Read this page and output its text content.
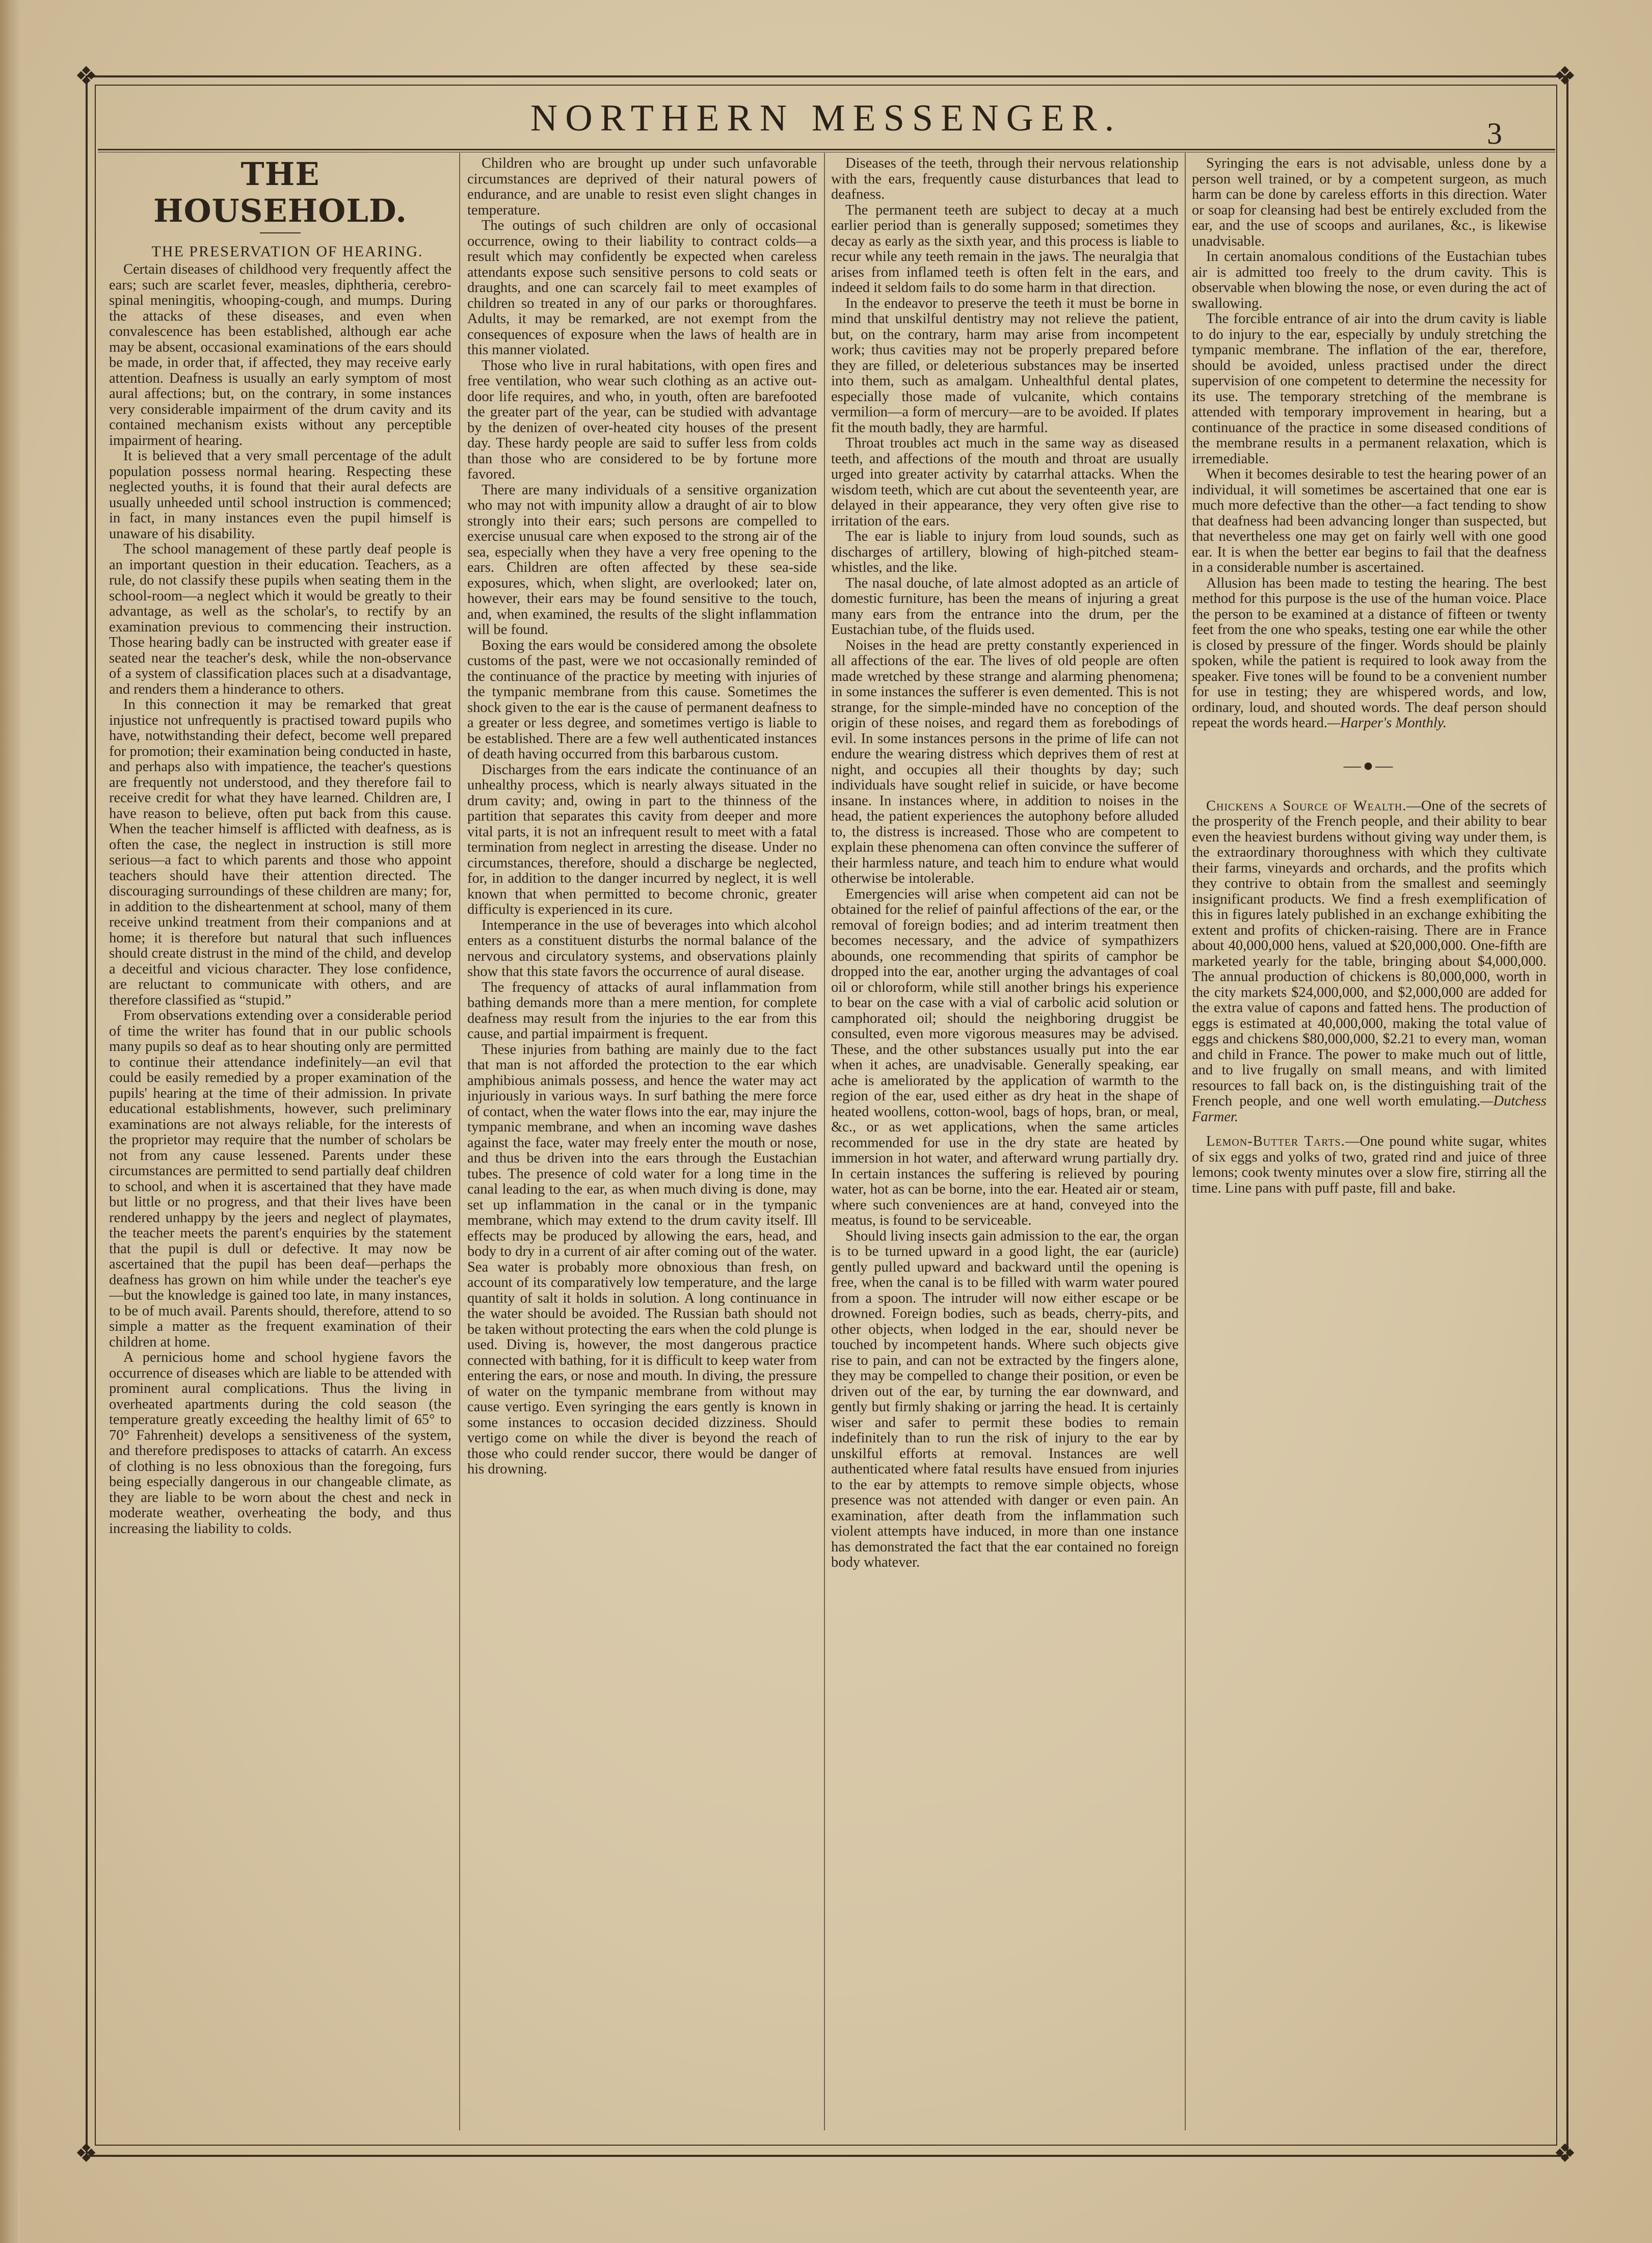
❖	❖
❖	❖
NORTHERN MESSENGER.	3
THE HOUSEHOLD.

THE PRESERVATION OF HEARING.

Certain diseases of childhood very frequently affect the ears; such are scarlet fever, measles, diphtheria, cerebro-spinal meningitis, whooping-cough, and mumps. During the attacks of these diseases, and even when convalescence has been established, although ear ache may be absent, occasional examinations of the ears should be made, in order that, if affected, they may receive early attention. Deafness is usually an early symptom of most aural affections; but, on the contrary, in some instances very considerable impairment of the drum cavity and its contained mechanism exists without any perceptible impairment of hearing.

It is believed that a very small percentage of the adult population possess normal hearing. Respecting these neglected youths, it is found that their aural defects are usually unheeded until school instruction is commenced; in fact, in many instances even the pupil himself is unaware of his disability.

The school management of these partly deaf people is an important question in their education. Teachers, as a rule, do not classify these pupils when seating them in the school-room—a neglect which it would be greatly to their advantage, as well as the scholar's, to rectify by an examination previous to commencing their instruction. Those hearing badly can be instructed with greater ease if seated near the teacher's desk, while the non-observance of a system of classification places such at a disadvantage, and renders them a hinderance to others.

In this connection it may be remarked that great injustice not unfrequently is practised toward pupils who have, notwithstanding their defect, become well prepared for promotion; their examination being conducted in haste, and perhaps also with impatience, the teacher's questions are frequently not understood, and they therefore fail to receive credit for what they have learned. Children are, I have reason to believe, often put back from this cause. When the teacher himself is afflicted with deafness, as is often the case, the neglect in instruction is still more serious—a fact to which parents and those who appoint teachers should have their attention directed. The discouraging surroundings of these children are many; for, in addition to the disheartenment at school, many of them receive unkind treatment from their companions and at home; it is therefore but natural that such influences should create distrust in the mind of the child, and develop a deceitful and vicious character. They lose confidence, are reluctant to communicate with others, and are therefore classified as “stupid.”

From observations extending over a considerable period of time the writer has found that in our public schools many pupils so deaf as to hear shouting only are permitted to continue their attendance indefinitely—an evil that could be easily remedied by a proper examination of the pupils' hearing at the time of their admission. In private educational establishments, however, such preliminary examinations are not always reliable, for the interests of the proprietor may require that the number of scholars be not from any cause lessened. Parents under these circumstances are permitted to send partially deaf children to school, and when it is ascertained that they have made but little or no progress, and that their lives have been rendered unhappy by the jeers and neglect of playmates, the teacher meets the parent's enquiries by the statement that the pupil is dull or defective. It may now be ascertained that the pupil has been deaf—perhaps the deafness has grown on him while under the teacher's eye—but the knowledge is gained too late, in many instances, to be of much avail. Parents should, therefore, attend to so simple a matter as the frequent examination of their children at home.

A pernicious home and school hygiene favors the occurrence of diseases which are liable to be attended with prominent aural complications. Thus the living in overheated apartments during the cold season (the temperature greatly exceeding the healthy limit of 65° to 70° Fahrenheit) develops a sensitiveness of the system, and therefore predisposes to attacks of catarrh. An excess of clothing is no less obnoxious than the foregoing, furs being especially dangerous in our changeable climate, as they are liable to be worn about the chest and neck in moderate weather, overheating the body, and thus increasing the liability to colds.

Children who are brought up under such unfavorable circumstances are deprived of their natural powers of endurance, and are unable to resist even slight changes in temperature.

The outings of such children are only of occasional occurrence, owing to their liability to contract colds—a result which may confidently be expected when careless attendants expose such sensitive persons to cold seats or draughts, and one can scarcely fail to meet examples of children so treated in any of our parks or thoroughfares. Adults, it may be remarked, are not exempt from the consequences of exposure when the laws of health are in this manner violated.

Those who live in rural habitations, with open fires and free ventilation, who wear such clothing as an active out-door life requires, and who, in youth, often are barefooted the greater part of the year, can be studied with advantage by the denizen of over-heated city houses of the present day. These hardy people are said to suffer less from colds than those who are considered to be by fortune more favored.

There are many individuals of a sensitive organization who may not with impunity allow a draught of air to blow strongly into their ears; such persons are compelled to exercise unusual care when exposed to the strong air of the sea, especially when they have a very free opening to the ears. Children are often affected by these sea-side exposures, which, when slight, are overlooked; later on, however, their ears may be found sensitive to the touch, and, when examined, the results of the slight inflammation will be found.

Boxing the ears would be considered among the obsolete customs of the past, were we not occasionally reminded of the continuance of the practice by meeting with injuries of the tympanic membrane from this cause. Sometimes the shock given to the ear is the cause of permanent deafness to a greater or less degree, and sometimes vertigo is liable to be established. There are a few well authenticated instances of death having occurred from this barbarous custom.

Discharges from the ears indicate the continuance of an unhealthy process, which is nearly always situated in the drum cavity; and, owing in part to the thinness of the partition that separates this cavity from deeper and more vital parts, it is not an infrequent result to meet with a fatal termination from neglect in arresting the disease. Under no circumstances, therefore, should a discharge be neglected, for, in addition to the danger incurred by neglect, it is well known that when permitted to become chronic, greater difficulty is experienced in its cure.

Intemperance in the use of beverages into which alcohol enters as a constituent disturbs the normal balance of the nervous and circulatory systems, and observations plainly show that this state favors the occurrence of aural disease.

The frequency of attacks of aural inflammation from bathing demands more than a mere mention, for complete deafness may result from the injuries to the ear from this cause, and partial impairment is frequent.

These injuries from bathing are mainly due to the fact that man is not afforded the protection to the ear which amphibious animals possess, and hence the water may act injuriously in various ways. In surf bathing the mere force of contact, when the water flows into the ear, may injure the tympanic membrane, and when an incoming wave dashes against the face, water may freely enter the mouth or nose, and thus be driven into the ears through the Eustachian tubes. The presence of cold water for a long time in the canal leading to the ear, as when much diving is done, may set up inflammation in the canal or in the tympanic membrane, which may extend to the drum cavity itself. Ill effects may be produced by allowing the ears, head, and body to dry in a current of air after coming out of the water. Sea water is probably more obnoxious than fresh, on account of its comparatively low temperature, and the large quantity of salt it holds in solution. A long continuance in the water should be avoided. The Russian bath should not be taken without protecting the ears when the cold plunge is used. Diving is, however, the most dangerous practice connected with bathing, for it is difficult to keep water from entering the ears, or nose and mouth. In diving, the pressure of water on the tympanic membrane from without may cause vertigo. Even syringing the ears gently is known in some instances to occasion decided dizziness. Should vertigo come on while the diver is beyond the reach of those who could render succor, there would be danger of his drowning.

Diseases of the teeth, through their nervous relationship with the ears, frequently cause disturbances that lead to deafness.

The permanent teeth are subject to decay at a much earlier period than is generally supposed; sometimes they decay as early as the sixth year, and this process is liable to recur while any teeth remain in the jaws. The neuralgia that arises from inflamed teeth is often felt in the ears, and indeed it seldom fails to do some harm in that direction.

In the endeavor to preserve the teeth it must be borne in mind that unskilful dentistry may not relieve the patient, but, on the contrary, harm may arise from incompetent work; thus cavities may not be properly prepared before they are filled, or deleterious substances may be inserted into them, such as amalgam. Unhealthful dental plates, especially those made of vulcanite, which contains vermilion—a form of mercury—are to be avoided. If plates fit the mouth badly, they are harmful.

Throat troubles act much in the same way as diseased teeth, and affections of the mouth and throat are usually urged into greater activity by catarrhal attacks. When the wisdom teeth, which are cut about the seventeenth year, are delayed in their appearance, they very often give rise to irritation of the ears.

The ear is liable to injury from loud sounds, such as discharges of artillery, blowing of high-pitched steam-whistles, and the like.

The nasal douche, of late almost adopted as an article of domestic furniture, has been the means of injuring a great many ears from the entrance into the drum, per the Eustachian tube, of the fluids used.

Noises in the head are pretty constantly experienced in all affections of the ear. The lives of old people are often made wretched by these strange and alarming phenomena; in some instances the sufferer is even demented. This is not strange, for the simple-minded have no conception of the origin of these noises, and regard them as forebodings of evil. In some instances persons in the prime of life can not endure the wearing distress which deprives them of rest at night, and occupies all their thoughts by day; such individuals have sought relief in suicide, or have become insane. In instances where, in addition to noises in the head, the patient experiences the autophony before alluded to, the distress is increased. Those who are competent to explain these phenomena can often convince the sufferer of their harmless nature, and teach him to endure what would otherwise be intolerable.

Emergencies will arise when competent aid can not be obtained for the relief of painful affections of the ear, or the removal of foreign bodies; and ad interim treatment then becomes necessary, and the advice of sympathizers abounds, one recommending that spirits of camphor be dropped into the ear, another urging the advantages of coal oil or chloroform, while still another brings his experience to bear on the case with a vial of carbolic acid solution or camphorated oil; should the neighboring druggist be consulted, even more vigorous measures may be advised. These, and the other substances usually put into the ear when it aches, are unadvisable. Generally speaking, ear ache is ameliorated by the application of warmth to the region of the ear, used either as dry heat in the shape of heated woollens, cotton-wool, bags of hops, bran, or meal, &c., or as wet applications, when the same articles recommended for use in the dry state are heated by immersion in hot water, and afterward wrung partially dry. In certain instances the suffering is relieved by pouring water, hot as can be borne, into the ear. Heated air or steam, where such conveniences are at hand, conveyed into the meatus, is found to be serviceable.

Should living insects gain admission to the ear, the organ is to be turned upward in a good light, the ear (auricle) gently pulled upward and backward until the opening is free, when the canal is to be filled with warm water poured from a spoon. The intruder will now either escape or be drowned. Foreign bodies, such as beads, cherry-pits, and other objects, when lodged in the ear, should never be touched by incompetent hands. Where such objects give rise to pain, and can not be extracted by the fingers alone, they may be compelled to change their position, or even be driven out of the ear, by turning the ear downward, and gently but firmly shaking or jarring the head. It is certainly wiser and safer to permit these bodies to remain indefinitely than to run the risk of injury to the ear by unskilful efforts at removal. Instances are well authenticated where fatal results have ensued from injuries to the ear by attempts to remove simple objects, whose presence was not attended with danger or even pain. An examination, after death from the inflammation such violent attempts have induced, in more than one instance has demonstrated the fact that the ear contained no foreign body whatever.

Syringing the ears is not advisable, unless done by a person well trained, or by a competent surgeon, as much harm can be done by careless efforts in this direction. Water or soap for cleansing had best be entirely excluded from the ear, and the use of scoops and aurilanes, &c., is likewise unadvisable.

In certain anomalous conditions of the Eustachian tubes air is admitted too freely to the drum cavity. This is observable when blowing the nose, or even during the act of swallowing.

The forcible entrance of air into the drum cavity is liable to do injury to the ear, especially by unduly stretching the tympanic membrane. The inflation of the ear, therefore, should be avoided, unless practised under the direct supervision of one competent to determine the necessity for its use. The temporary stretching of the membrane is attended with temporary improvement in hearing, but a continuance of the practice in some diseased conditions of the membrane results in a permanent relaxation, which is irremediable.

When it becomes desirable to test the hearing power of an individual, it will sometimes be ascertained that one ear is much more defective than the other—a fact tending to show that deafness had been advancing longer than suspected, but that nevertheless one may get on fairly well with one good ear. It is when the better ear begins to fail that the deafness in a considerable number is ascertained.

Allusion has been made to testing the hearing. The best method for this purpose is the use of the human voice. Place the person to be examined at a distance of fifteen or twenty feet from the one who speaks, testing one ear while the other is closed by pressure of the finger. Words should be plainly spoken, while the patient is required to look away from the speaker. Five tones will be found to be a convenient number for use in testing; they are whispered words, and low, ordinary, loud, and shouted words. The deaf person should repeat the words heard.—Harper's Monthly.

—●—

Chickens a Source of Wealth.—One of the secrets of the prosperity of the French people, and their ability to bear even the heaviest burdens without giving way under them, is the extraordinary thoroughness with which they cultivate their farms, vineyards and orchards, and the profits which they contrive to obtain from the smallest and seemingly insignificant products. We find a fresh exemplification of this in figures lately published in an exchange exhibiting the extent and profits of chicken-raising. There are in France about 40,000,000 hens, valued at $20,000,000. One-fifth are marketed yearly for the table, bringing about $4,000,000. The annual production of chickens is 80,000,000, worth in the city markets $24,000,000, and $2,000,000 are added for the extra value of capons and fatted hens. The production of eggs is estimated at 40,000,000, making the total value of eggs and chickens $80,000,000, $2.21 to every man, woman and child in France. The power to make much out of little, and to live frugally on small means, and with limited resources to fall back on, is the distinguishing trait of the French people, and one well worth emulating.—Dutchess Farmer.

Lemon-Butter Tarts.—One pound white sugar, whites of six eggs and yolks of two, grated rind and juice of three lemons; cook twenty minutes over a slow fire, stirring all the time. Line pans with puff paste, fill and bake.
